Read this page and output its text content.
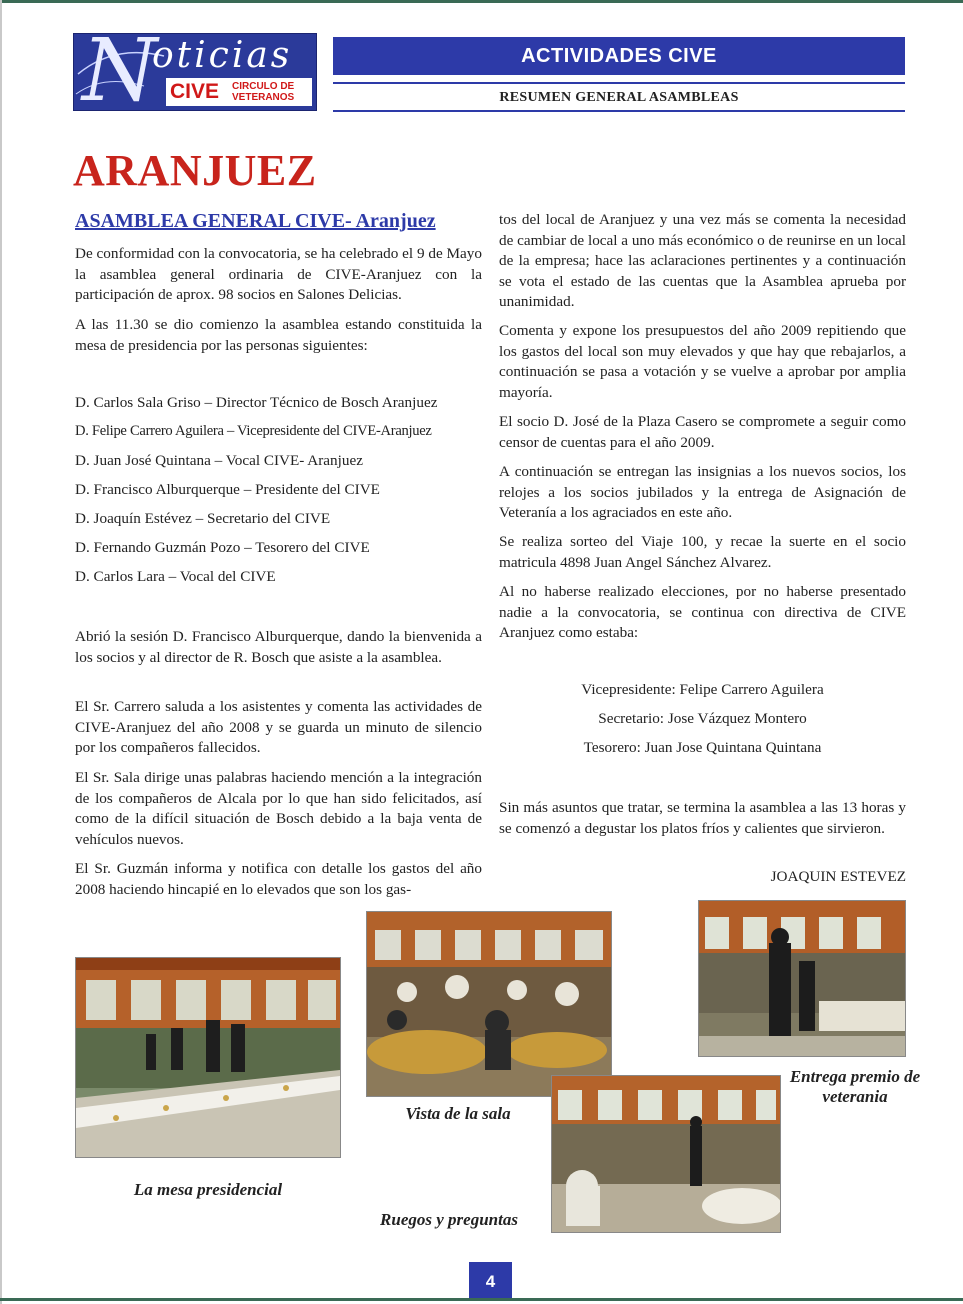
N
oticias
CIVE CIRCULO DE
VETERANOS
ACTIVIDADES CIVE
RESUMEN GENERAL ASAMBLEAS
ARANJUEZ
ASAMBLEA GENERAL CIVE- Aranjuez

De conformidad con la convocatoria, se ha celebrado el 9 de Mayo la asamblea general ordinaria de CIVE-Aranjuez con la participación de aprox. 98 socios en Salones Delicias.

A las 11.30 se dio comienzo la asamblea estando constituida la mesa de presidencia por las personas siguientes:

D. Carlos Sala Griso – Director Técnico de Bosch Aranjuez
D. Felipe Carrero Aguilera – Vicepresidente del CIVE-Aranjuez
D. Juan José Quintana – Vocal CIVE- Aranjuez
D. Francisco Alburquerque – Presidente del CIVE
D. Joaquín Estévez – Secretario del CIVE
D. Fernando Guzmán Pozo – Tesorero del CIVE
D. Carlos Lara – Vocal del CIVE

Abrió la sesión D. Francisco Alburquerque, dando la bienvenida a los socios y al director de R. Bosch que asiste a la asamblea.

El Sr. Carrero saluda a los asistentes y comenta las actividades de CIVE-Aranjuez del año 2008 y se guarda un minuto de silencio por los compañeros fallecidos.

El Sr. Sala dirige unas palabras haciendo mención a la integración de los compañeros de Alcala por lo que han sido felicitados, así como de la difícil situación de Bosch debido a la baja venta de vehículos nuevos.

El Sr. Guzmán informa y notifica con detalle los gastos del año 2008 haciendo hincapié en lo elevados que son los gas-

tos del local de Aranjuez y una vez más se comenta la necesidad de cambiar de local a uno más económico o de reunirse en un local de la empresa; hace las aclaraciones pertinentes y a continuación se vota el estado de las cuentas que la Asamblea aprueba por unanimidad.

Comenta y expone los presupuestos del año 2009 repitiendo que los gastos del local son muy elevados y que hay que rebajarlos, a continuación se pasa a votación y se vuelve a aprobar por amplia mayoría.

El socio D. José de la Plaza Casero se compromete a seguir como censor de cuentas para el año 2009.

A continuación se entregan las insignias a los nuevos socios, los relojes a los socios jubilados y la entrega de Asignación de Veteranía a los agraciados en este año.

Se realiza sorteo del Viaje 100, y recae la suerte en el socio matricula 4898 Juan Angel Sánchez Alvarez.

Al no haberse realizado elecciones, por no haberse presentado nadie a la convocatoria, se continua con directiva de CIVE Aranjuez como estaba:

Vicepresidente: Felipe Carrero Aguilera
Secretario: Jose Vázquez Montero
Tesorero: Juan Jose Quintana Quintana

Sin más asuntos que tratar, se termina la asamblea a las 13 horas y se comenzó a degustar los platos fríos y calientes que sirvieron.

JOAQUIN ESTEVEZ
La mesa presidencial
Vista de la sala
Entrega premio de veterania
Ruegos y preguntas
4
